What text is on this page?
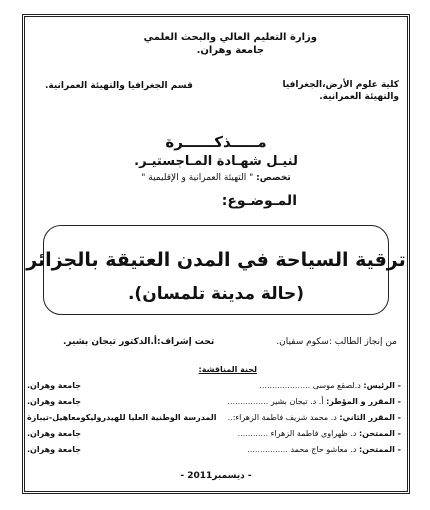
وزارة التعليم العالي والبحث العلمي
جامعة وهران.
قسم الجغرافيا والتهيئة العمرانية.	كلية علوم الأرض،الجغرافيا
والتهيئة العمرانية.
مـــــذكــــــرة
لنيـل شهـادة المـاجستيـر.
تخصص: " التهيئة العمرانية و الإقليمية "
المـوضـوع:
ترقية السياحة في المدن العتيقة بالجزائر
(حالة مدينة تلمسان).
من إنجاز الطالب :سكوم سفيان.
تحت إشراف:أ.الدكتور تيجان بشير.
لجنة المناقشة:
- الرئيس: د.لصقع موسى ....................
جامعة وهران.
- المقرر و المؤطر: أ. د. تيجان بشير ................
جامعة وهران.
- المقرر الثاني: د. محمد شريف فاطمة الزهراء:..
المدرسة الوطنية العليا للهيدروليكومعاهيل-تيبازة
- الممتحن: د. ظهراوي فاطمة الزهراء ............
جامعة وهران.
- الممتحن: د. معاشو حاج محمد ................
جامعة وهران.
- ديسمبر2011 -
